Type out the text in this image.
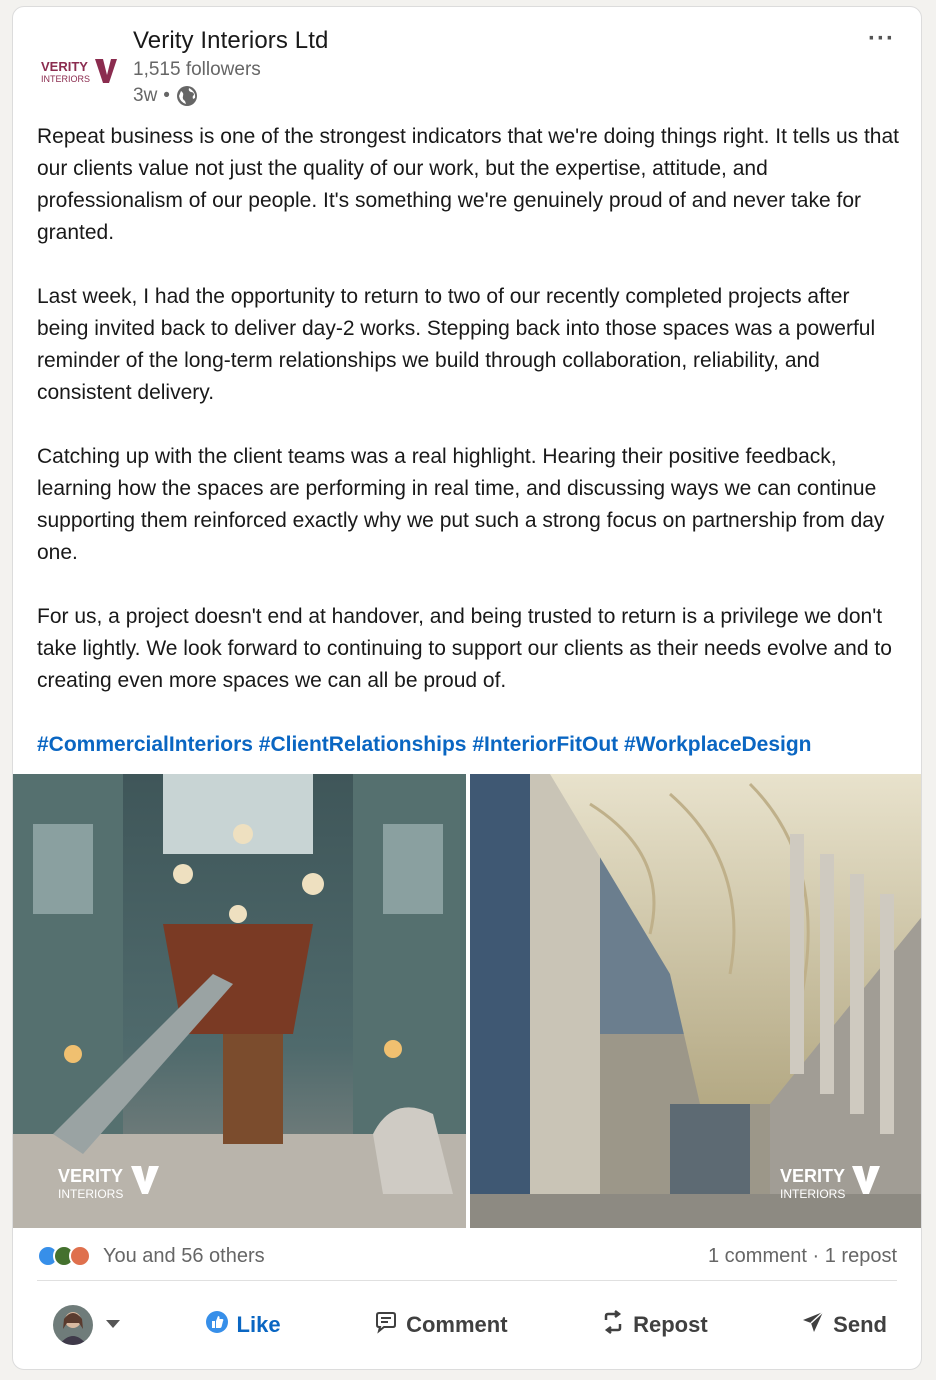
VERITY
INTERIORS
Verity Interiors Ltd
1,515 followers
3w •
···

Repeat business is one of the strongest indicators that we're doing things right. It tells us that our clients value not just the quality of our work, but the expertise, attitude, and professionalism of our people. It's something we're genuinely proud of and never take for granted.

Last week, I had the opportunity to return to two of our recently completed projects after being invited back to deliver day-2 works. Stepping back into those spaces was a powerful reminder of the long-term relationships we build through collaboration, reliability, and consistent delivery.

Catching up with the client teams was a real highlight. Hearing their positive feedback, learning how the spaces are performing in real time, and discussing ways we can continue supporting them reinforced exactly why we put such a strong focus on partnership from day one.

For us, a project doesn't end at handover, and being trusted to return is a privilege we don't take lightly. We look forward to continuing to support our clients as their needs evolve and to creating even more spaces we can all be proud of.

#CommercialInteriors #ClientRelationships #InteriorFitOut #WorkplaceDesign
VERITY
INTERIORS
VERITY
INTERIORS
You and 56 others	1 comment · 1 repost
Like	Comment	Repost	Send
